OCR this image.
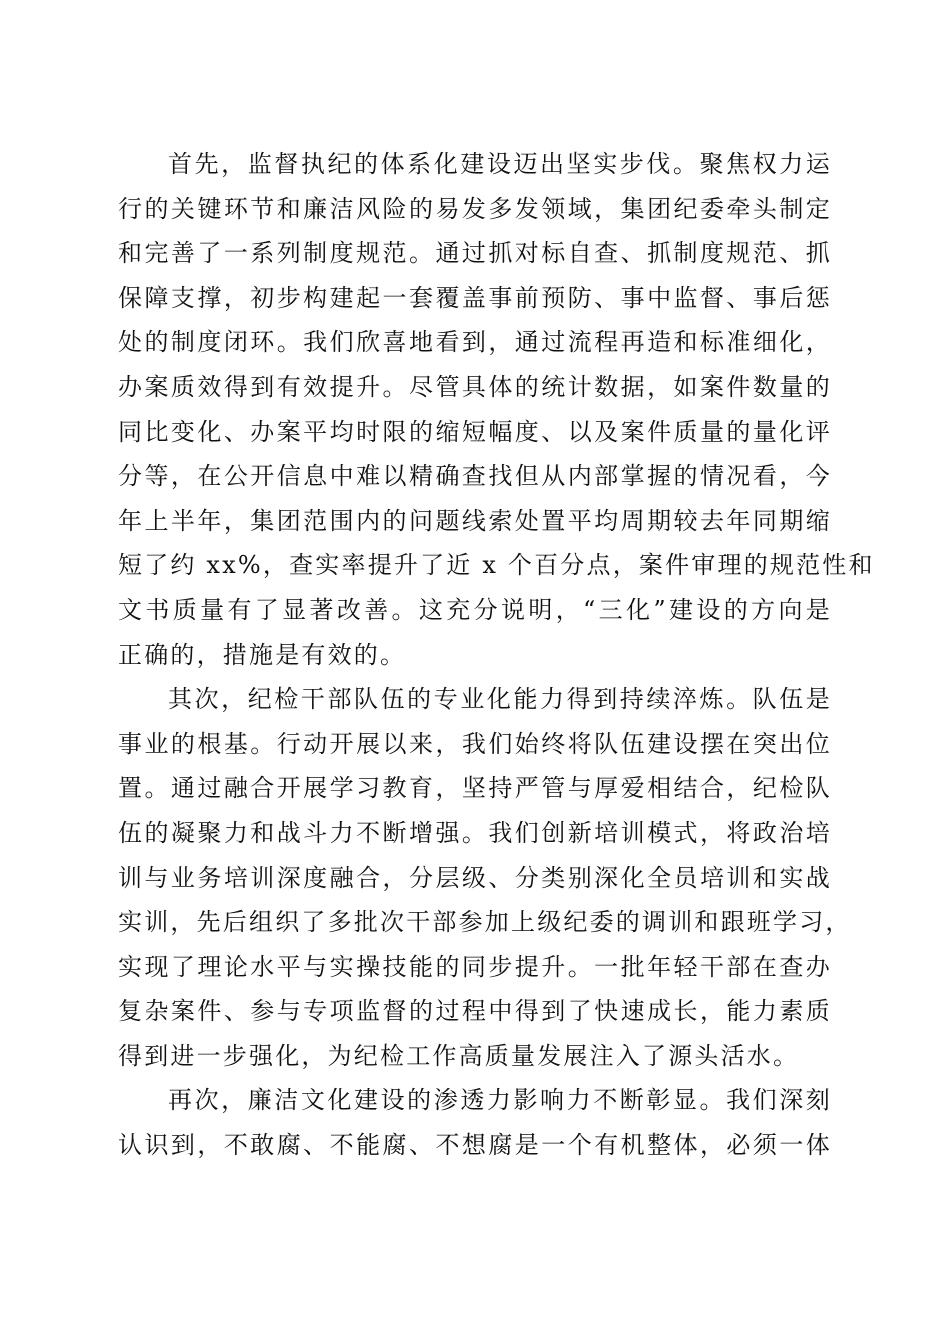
首先，监督执纪的体系化建设迈出坚实步伐。聚焦权力运
行的关键环节和廉洁风险的易发多发领域，集团纪委牵头制定
和完善了一系列制度规范。通过抓对标自查、抓制度规范、抓
保障支撑，初步构建起一套覆盖事前预防、事中监督、事后惩
处的制度闭环。我们欣喜地看到，通过流程再造和标准细化，
办案质效得到有效提升。尽管具体的统计数据，如案件数量的
同比变化、办案平均时限的缩短幅度、以及案件质量的量化评
分等，在公开信息中难以精确查找但从内部掌握的情况看，今
年上半年，集团范围内的问题线索处置平均周期较去年同期缩
短了约 xx%，查实率提升了近 x 个百分点，案件审理的规范性和
文书质量有了显著改善。这充分说明，“三化”建设的方向是
正确的，措施是有效的。
其次，纪检干部队伍的专业化能力得到持续淬炼。队伍是
事业的根基。行动开展以来，我们始终将队伍建设摆在突出位
置。通过融合开展学习教育，坚持严管与厚爱相结合，纪检队
伍的凝聚力和战斗力不断增强。我们创新培训模式，将政治培
训与业务培训深度融合，分层级、分类别深化全员培训和实战
实训，先后组织了多批次干部参加上级纪委的调训和跟班学习，
实现了理论水平与实操技能的同步提升。一批年轻干部在查办
复杂案件、参与专项监督的过程中得到了快速成长，能力素质
得到进一步强化，为纪检工作高质量发展注入了源头活水。
再次，廉洁文化建设的渗透力影响力不断彰显。我们深刻
认识到，不敢腐、不能腐、不想腐是一个有机整体，必须一体
